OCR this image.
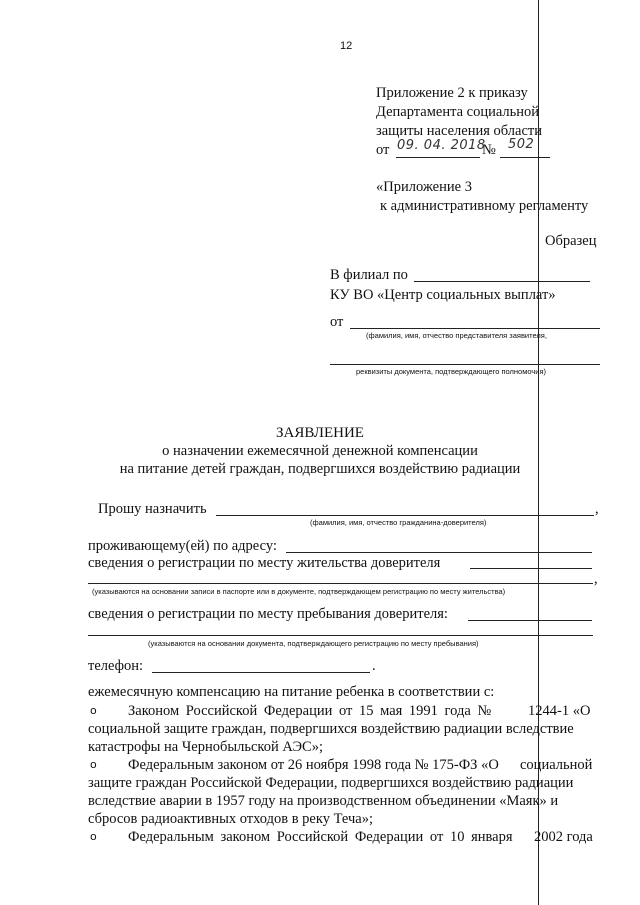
12
Приложение 2 к приказу
Департамента социальной
защиты населения области
от 09. 04. 2018
№ 502
«Приложение 3
к административному регламенту
Образец
В филиал по
КУ ВО «Центр социальных выплат»
от
(фамилия, имя, отчество представителя заявителя,
реквизиты документа, подтверждающего полномочия)
ЗАЯВЛЕНИЕ
о назначении ежемесячной денежной компенсации
на питание детей граждан, подвергшихся воздействию радиации
Прошу назначить	,
(фамилия, имя, отчество гражданина-доверителя)
проживающему(ей) по адресу:
сведения о регистрации по месту жительства доверителя
,
(указываются на основании записи в паспорте или в документе, подтверждающем регистрацию по месту жительства)
сведения о регистрации по месту пребывания доверителя:
(указываются на основании документа, подтверждающего регистрацию по месту пребывания)
телефон:	.
ежемесячную компенсацию на питание ребенка в соответствии с:
o Законом Российской Федерации от 15 мая 1991 года №	1244-1 «О
социальной защите граждан, подвергшихся воздействию радиации вследствие
катастрофы на Чернобыльской АЭС»;
o Федеральным законом от 26 ноября 1998 года № 175-ФЗ «О социальной
защите граждан Российской Федерации, подвергшихся воздействию радиации
вследствие аварии в 1957 году на производственном объединении «Маяк» и
сбросов радиоактивных отходов в реку Теча»;
o Федеральным законом Российской Федерации от 10 января 2002 года
